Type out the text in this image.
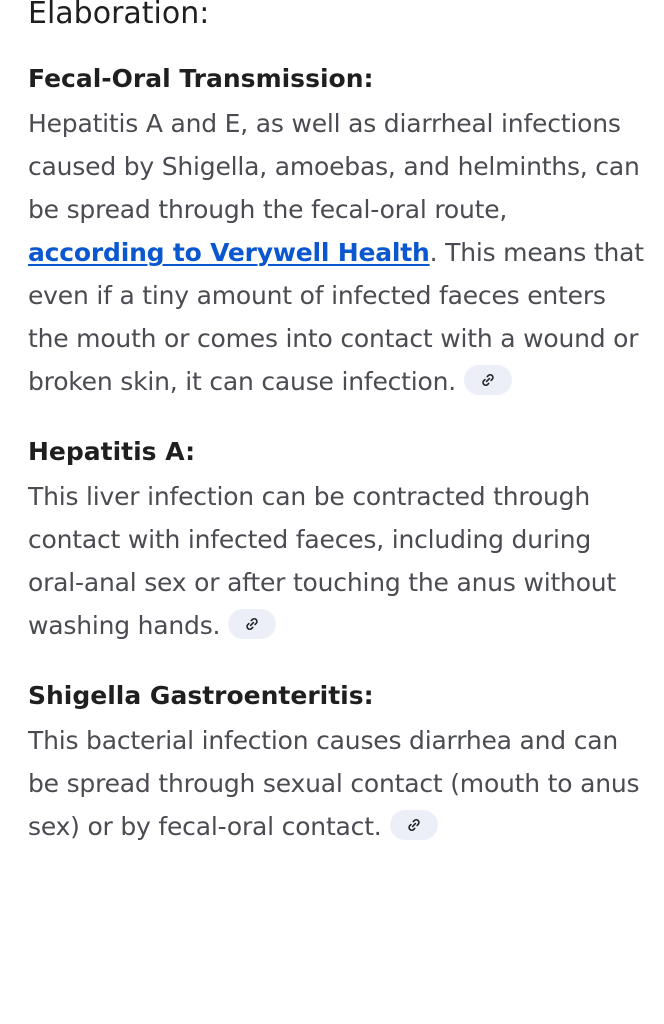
Elaboration:
Fecal-Oral Transmission:

Hepatitis A and E, as well as diarrheal infections caused by Shigella, amoebas, and helminths, can be spread through the fecal-oral route, according to Verywell Health. This means that even if a tiny amount of infected faeces enters the mouth or comes into contact with a wound or broken skin, it can cause infection.

Hepatitis A:

This liver infection can be contracted through contact with infected faeces, including during oral-anal sex or after touching the anus without washing hands.

Shigella Gastroenteritis:

This bacterial infection causes diarrhea and can be spread through sexual contact (mouth to anus sex) or by fecal-oral contact.
